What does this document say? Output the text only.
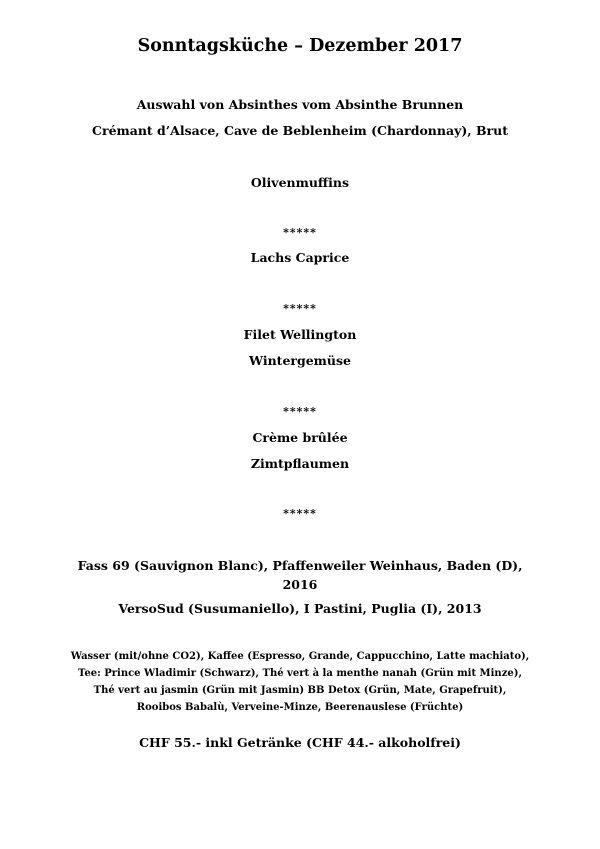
Sonntagsküche – Dezember 2017
Auswahl von Absinthes vom Absinthe Brunnen
Crémant d’Alsace, Cave de Beblenheim (Chardonnay), Brut
Olivenmuffins
*****
Lachs Caprice
*****
Filet Wellington
Wintergemüse
*****
Crème brûlée
Zimtpflaumen
*****
Fass 69 (Sauvignon Blanc), Pfaffenweiler Weinhaus, Baden (D), 2016
VersoSud (Susumaniello), I Pastini, Puglia (I), 2013
Wasser (mit/ohne CO2), Kaffee (Espresso, Grande, Cappucchino, Latte machiato), Tee: Prince Wladimir (Schwarz), Thé vert à la menthe nanah (Grün mit Minze), Thé vert au jasmin (Grün mit Jasmin) BB Detox (Grün, Mate, Grapefruit), Rooibos Babalù, Verveine-Minze, Beerenauslese (Früchte)
CHF 55.- inkl Getränke (CHF 44.- alkoholfrei)
